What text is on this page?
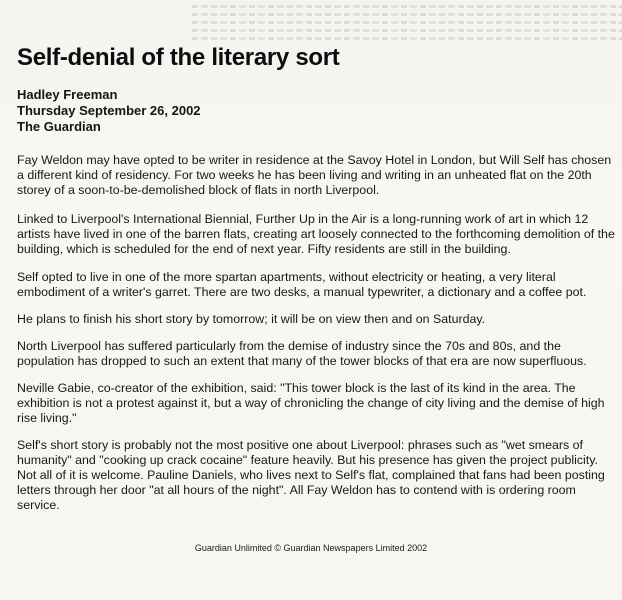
Self-denial of the literary sort
Hadley Freeman
Thursday September 26, 2002
The Guardian

Fay Weldon may have opted to be writer in residence at the Savoy Hotel in London, but Will Self has chosen a different kind of residency. For two weeks he has been living and writing in an unheated flat on the 20th storey of a soon-to-be-demolished block of flats in north Liverpool.

Linked to Liverpool's International Biennial, Further Up in the Air is a long-running work of art in which 12 artists have lived in one of the barren flats, creating art loosely connected to the forthcoming demolition of the building, which is scheduled for the end of next year. Fifty residents are still in the building.

Self opted to live in one of the more spartan apartments, without electricity or heating, a very literal embodiment of a writer's garret. There are two desks, a manual typewriter, a dictionary and a coffee pot.

He plans to finish his short story by tomorrow; it will be on view then and on Saturday.

North Liverpool has suffered particularly from the demise of industry since the 70s and 80s, and the population has dropped to such an extent that many of the tower blocks of that era are now superfluous.

Neville Gabie, co-creator of the exhibition, said: "This tower block is the last of its kind in the area. The exhibition is not a protest against it, but a way of chronicling the change of city living and the demise of high rise living."

Self's short story is probably not the most positive one about Liverpool: phrases such as "wet smears of humanity" and "cooking up crack cocaine" feature heavily. But his presence has given the project publicity. Not all of it is welcome. Pauline Daniels, who lives next to Self's flat, complained that fans had been posting letters through her door "at all hours of the night". All Fay Weldon has to contend with is ordering room service.

Guardian Unlimited © Guardian Newspapers Limited 2002
